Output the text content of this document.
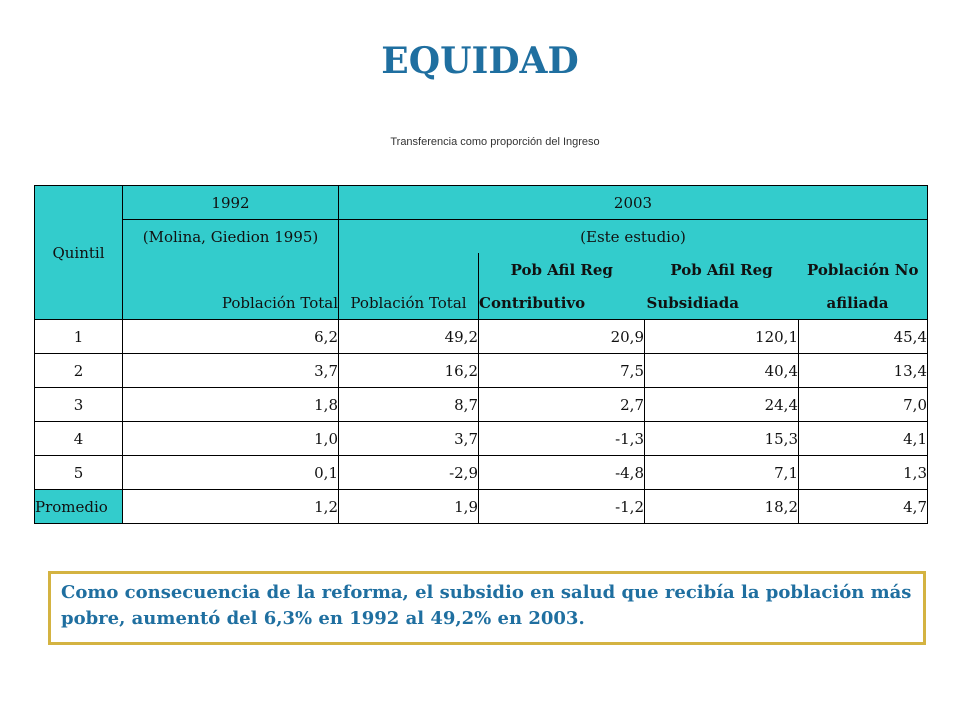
EQUIDAD
Transferencia como proporción del Ingreso
Quintil	1992	2003			
	(Molina, Giedion 1995)	(Este estudio)			
			Pob Afil Reg	Pob Afil Reg	Población No
	Población Total	Población Total	Contributivo	Subsidiada	afiliada
1	6,2	49,2	20,9	120,1	45,4
2	3,7	16,2	7,5	40,4	13,4
3	1,8	8,7	2,7	24,4	7,0
4	1,0	3,7	-1,3	15,3	4,1
5	0,1	-2,9	-4,8	7,1	1,3
Promedio	1,2	1,9	-1,2	18,2	4,7
Como consecuencia de la reforma, el subsidio en salud que recibía la población más pobre, aumentó del 6,3% en 1992 al 49,2% en 2003.
